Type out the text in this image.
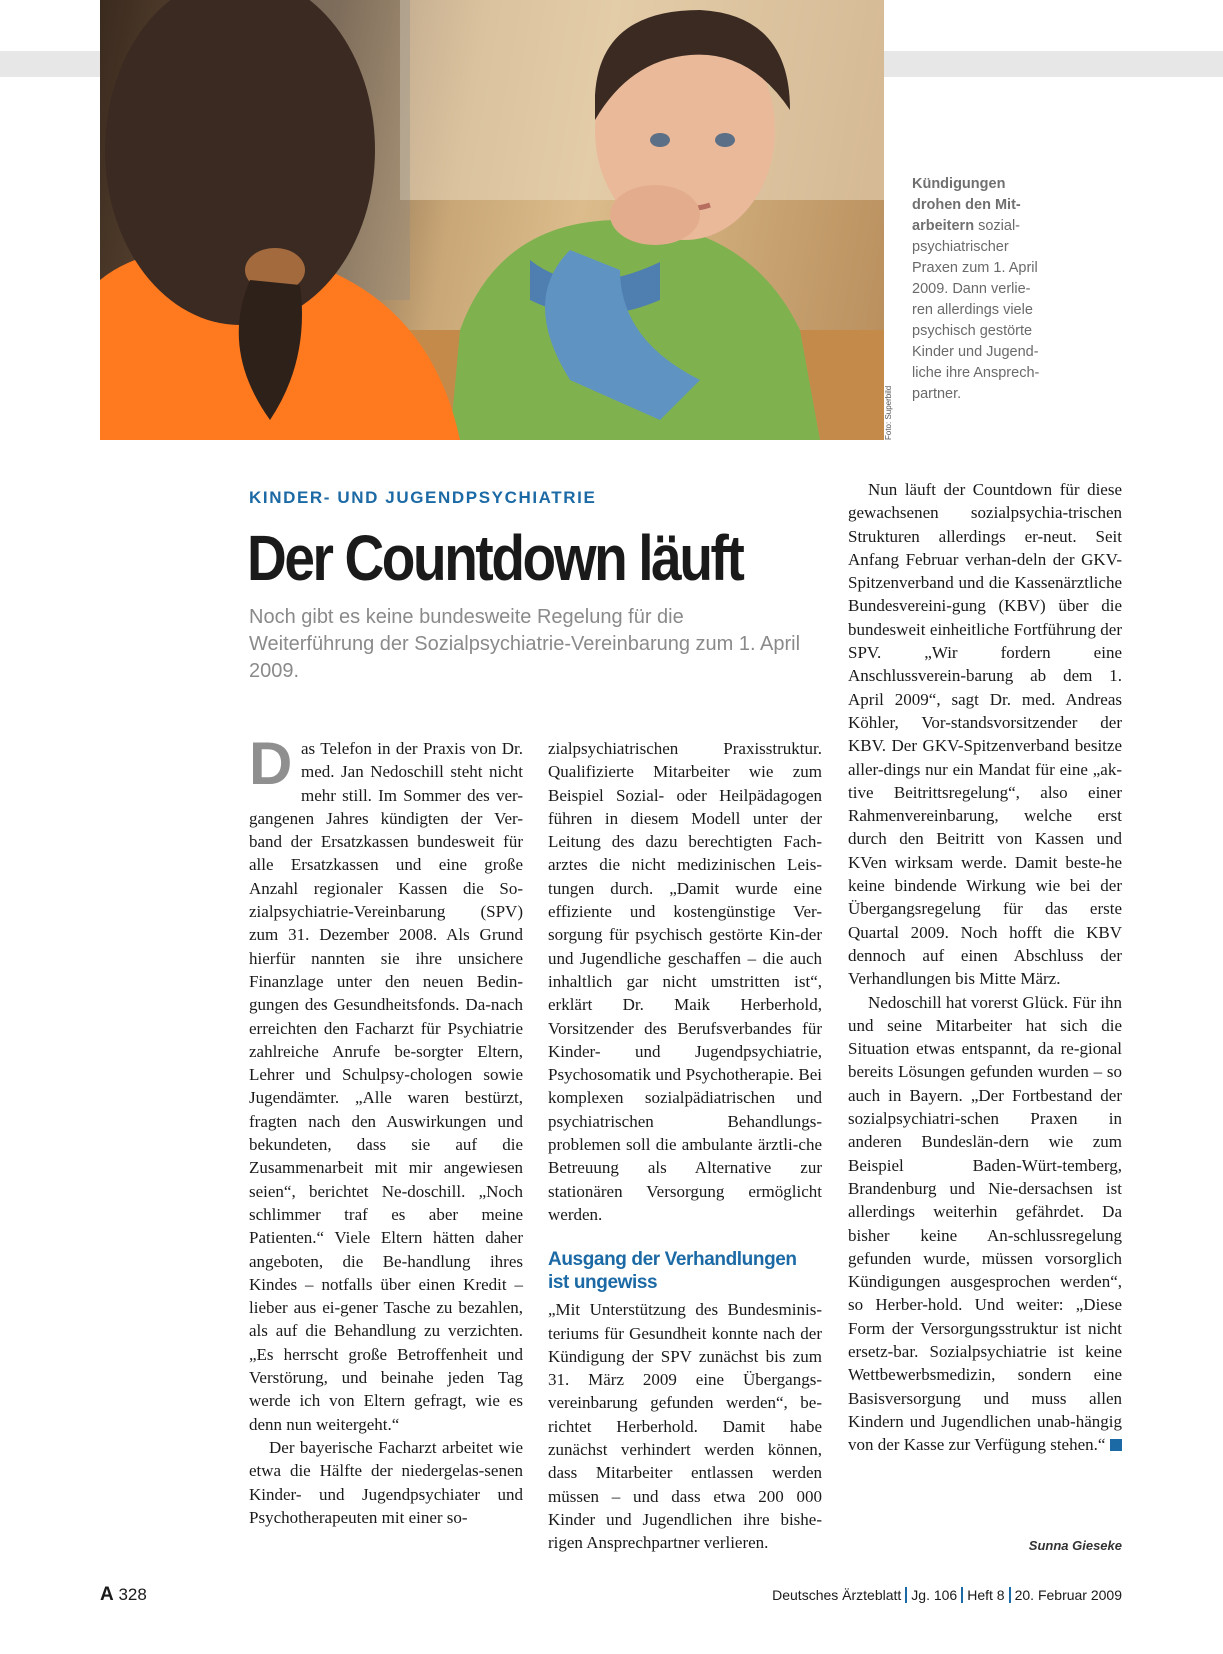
Foto: Superbild
Kündigungen drohen den Mit-arbeitern sozial-psychiatrischer Praxen zum 1. April 2009. Dann verlie-ren allerdings viele psychisch gestörte Kinder und Jugend-liche ihre Ansprech-partner.
KINDER- UND JUGENDPSYCHIATRIE
Der Countdown läuft
Noch gibt es keine bundesweite Regelung für die Weiterführung der Sozialpsychiatrie-Vereinbarung zum 1. April 2009.

Das Telefon in der Praxis von Dr. med. Jan Nedoschill steht nicht mehr still. Im Sommer des ver-gangenen Jahres kündigten der Ver-band der Ersatzkassen bundesweit für alle Ersatzkassen und eine große Anzahl regionaler Kassen die So-zialpsychiatrie-Vereinbarung (SPV) zum 31. Dezember 2008. Als Grund hierfür nannten sie ihre unsichere Finanzlage unter den neuen Bedin-gungen des Gesundheitsfonds. Da-nach erreichten den Facharzt für Psychiatrie zahlreiche Anrufe be-sorgter Eltern, Lehrer und Schulpsy-chologen sowie Jugendämter. „Alle waren bestürzt, fragten nach den Auswirkungen und bekundeten, dass sie auf die Zusammenarbeit mit mir angewiesen seien“, berichtet Ne-doschill. „Noch schlimmer traf es aber meine Patienten.“ Viele Eltern hätten daher angeboten, die Be-handlung ihres Kindes – notfalls über einen Kredit – lieber aus ei-gener Tasche zu bezahlen, als auf die Behandlung zu verzichten. „Es herrscht große Betroffenheit und Verstörung, und beinahe jeden Tag werde ich von Eltern gefragt, wie es denn nun weitergeht.“

Der bayerische Facharzt arbeitet wie etwa die Hälfte der niedergelas-senen Kinder- und Jugendpsychiater und Psychotherapeuten mit einer so-

zialpsychiatrischen Praxisstruktur. Qualifizierte Mitarbeiter wie zum Beispiel Sozial- oder Heilpädagogen führen in diesem Modell unter der Leitung des dazu berechtigten Fach-arztes die nicht medizinischen Leis-tungen durch. „Damit wurde eine effiziente und kostengünstige Ver-sorgung für psychisch gestörte Kin-der und Jugendliche geschaffen – die auch inhaltlich gar nicht umstritten ist“, erklärt Dr. Maik Herberhold, Vorsitzender des Berufsverbandes für Kinder- und Jugendpsychiatrie, Psychosomatik und Psychotherapie. Bei komplexen sozialpädiatrischen und psychiatrischen Behandlungs-problemen soll die ambulante ärztli-che Betreuung als Alternative zur stationären Versorgung ermöglicht werden.

Ausgang der Verhandlungen ist ungewiss

„Mit Unterstützung des Bundesminis-teriums für Gesundheit konnte nach der Kündigung der SPV zunächst bis zum 31. März 2009 eine Übergangs-vereinbarung gefunden werden“, be-richtet Herberhold. Damit habe zunächst verhindert werden können, dass Mitarbeiter entlassen werden müssen – und dass etwa 200 000 Kinder und Jugendlichen ihre bishe-rigen Ansprechpartner verlieren.

Nun läuft der Countdown für diese gewachsenen sozialpsychia-trischen Strukturen allerdings er-neut. Seit Anfang Februar verhan-deln der GKV-Spitzenverband und die Kassenärztliche Bundesvereini-gung (KBV) über die bundesweit einheitliche Fortführung der SPV. „Wir fordern eine Anschlussverein-barung ab dem 1. April 2009“, sagt Dr. med. Andreas Köhler, Vor-standsvorsitzender der KBV. Der GKV-Spitzenverband besitze aller-dings nur ein Mandat für eine „ak-tive Beitrittsregelung“, also einer Rahmenvereinbarung, welche erst durch den Beitritt von Kassen und KVen wirksam werde. Damit beste-he keine bindende Wirkung wie bei der Übergangsregelung für das erste Quartal 2009. Noch hofft die KBV dennoch auf einen Abschluss der Verhandlungen bis Mitte März.

Nedoschill hat vorerst Glück. Für ihn und seine Mitarbeiter hat sich die Situation etwas entspannt, da re-gional bereits Lösungen gefunden wurden – so auch in Bayern. „Der Fortbestand der sozialpsychiatri-schen Praxen in anderen Bundeslän-dern wie zum Beispiel Baden-Würt-temberg, Brandenburg und Nie-dersachsen ist allerdings weiterhin gefährdet. Da bisher keine An-schlussregelung gefunden wurde, müssen vorsorglich Kündigungen ausgesprochen werden“, so Herber-hold. Und weiter: „Diese Form der Versorgungsstruktur ist nicht ersetz-bar. Sozialpsychiatrie ist keine Wettbewerbsmedizin, sondern eine Basisversorgung und muss allen Kindern und Jugendlichen unab-hängig von der Kasse zur Verfügung stehen.“

Sunna Gieseke
A 328	Deutsches Ärzteblatt Jg. 106 Heft 8 20. Februar 2009
